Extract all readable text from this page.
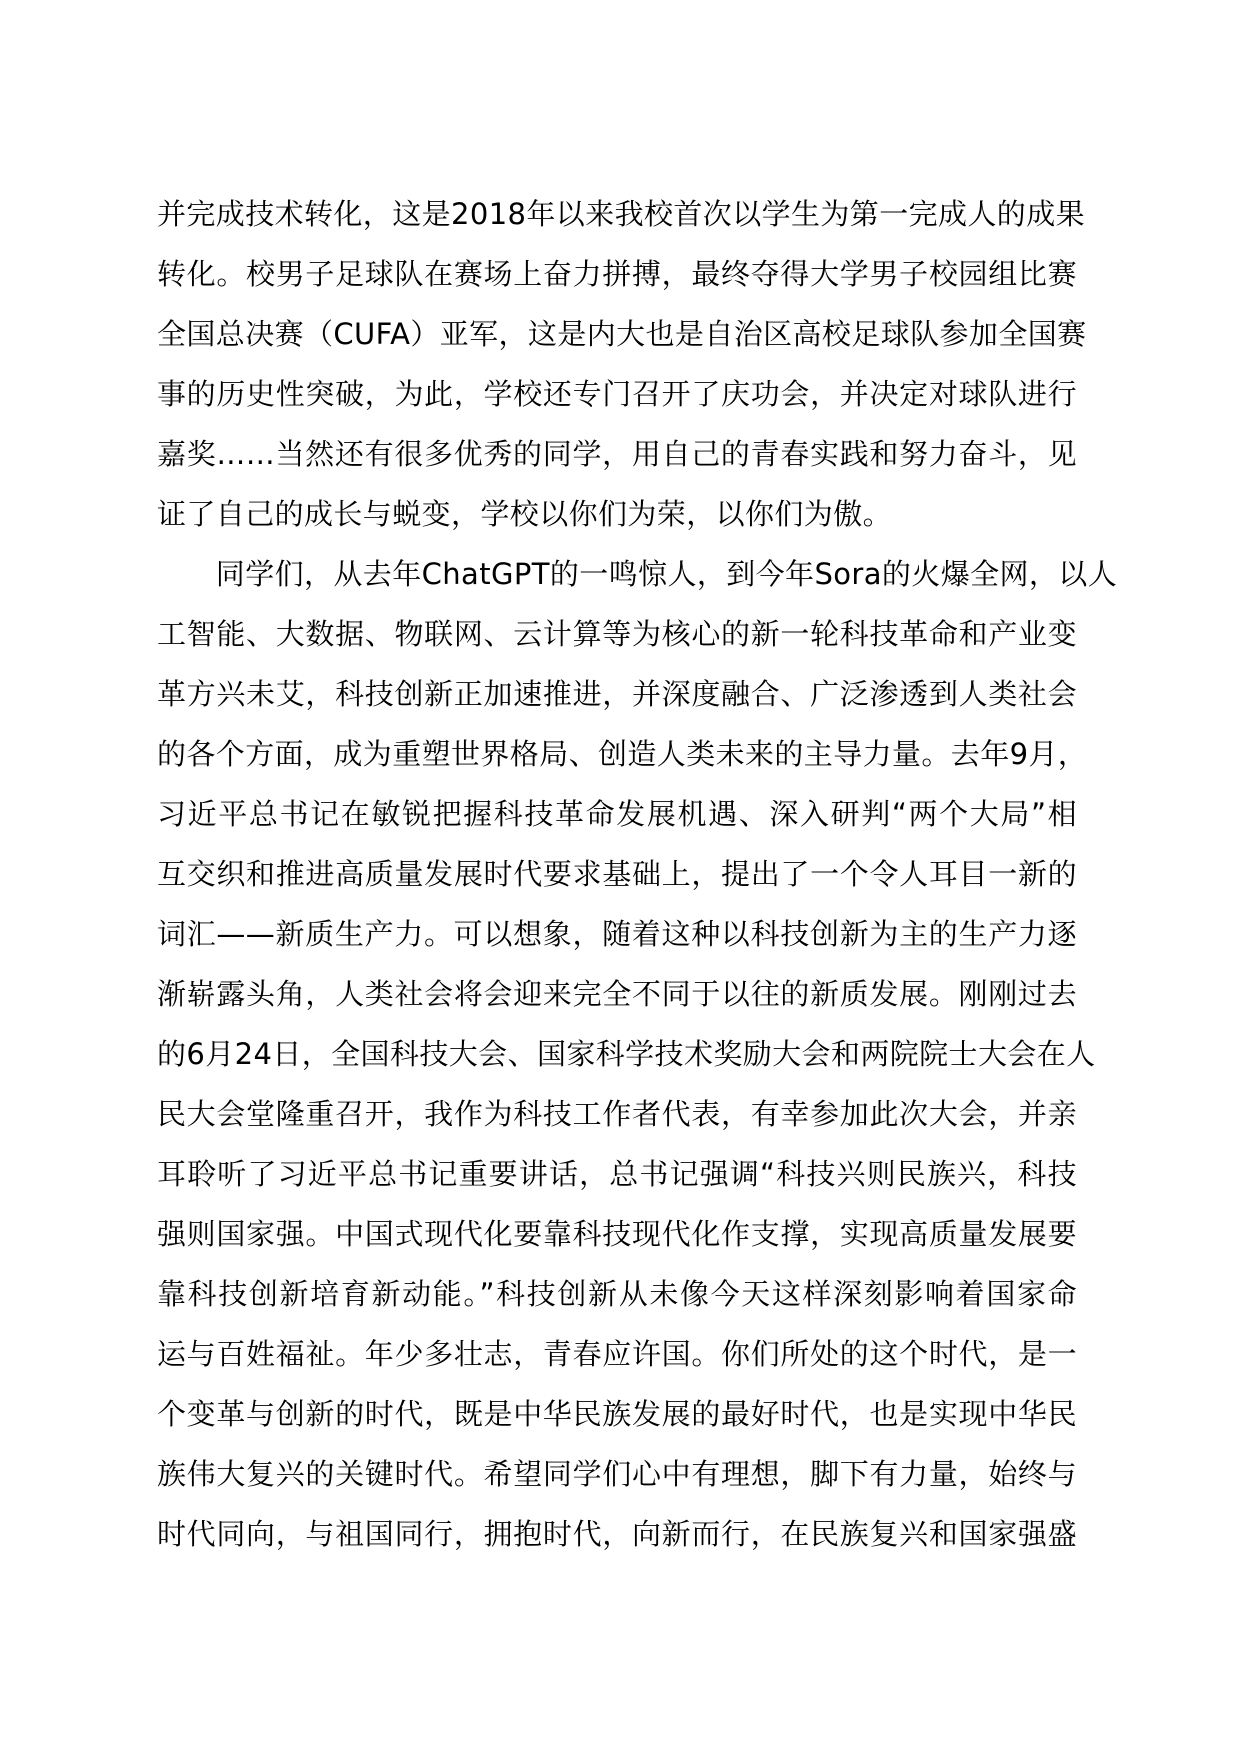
并完成技术转化，这是2018年以来我校首次以学生为第一完成人的成果
转化。校男子足球队在赛场上奋力拼搏，最终夺得大学男子校园组比赛
全国总决赛（CUFA）亚军，这是内大也是自治区高校足球队参加全国赛
事的历史性突破，为此，学校还专门召开了庆功会，并决定对球队进行
嘉奖……当然还有很多优秀的同学，用自己的青春实践和努力奋斗，见
证了自己的成长与蜕变，学校以你们为荣，以你们为傲。
　　同学们，从去年ChatGPT的一鸣惊人，到今年Sora的火爆全网，以人
工智能、大数据、物联网、云计算等为核心的新一轮科技革命和产业变
革方兴未艾，科技创新正加速推进，并深度融合、广泛渗透到人类社会
的各个方面，成为重塑世界格局、创造人类未来的主导力量。去年9月，
习近平总书记在敏锐把握科技革命发展机遇、深入研判“两个大局”相
互交织和推进高质量发展时代要求基础上，提出了一个令人耳目一新的
词汇——新质生产力。可以想象，随着这种以科技创新为主的生产力逐
渐崭露头角，人类社会将会迎来完全不同于以往的新质发展。刚刚过去
的6月24日，全国科技大会、国家科学技术奖励大会和两院院士大会在人
民大会堂隆重召开，我作为科技工作者代表，有幸参加此次大会，并亲
耳聆听了习近平总书记重要讲话，总书记强调“科技兴则民族兴，科技
强则国家强。中国式现代化要靠科技现代化作支撑，实现高质量发展要
靠科技创新培育新动能。”科技创新从未像今天这样深刻影响着国家命
运与百姓福祉。年少多壮志，青春应许国。你们所处的这个时代，是一
个变革与创新的时代，既是中华民族发展的最好时代，也是实现中华民
族伟大复兴的关键时代。希望同学们心中有理想，脚下有力量，始终与
时代同向，与祖国同行，拥抱时代，向新而行，在民族复兴和国家强盛
